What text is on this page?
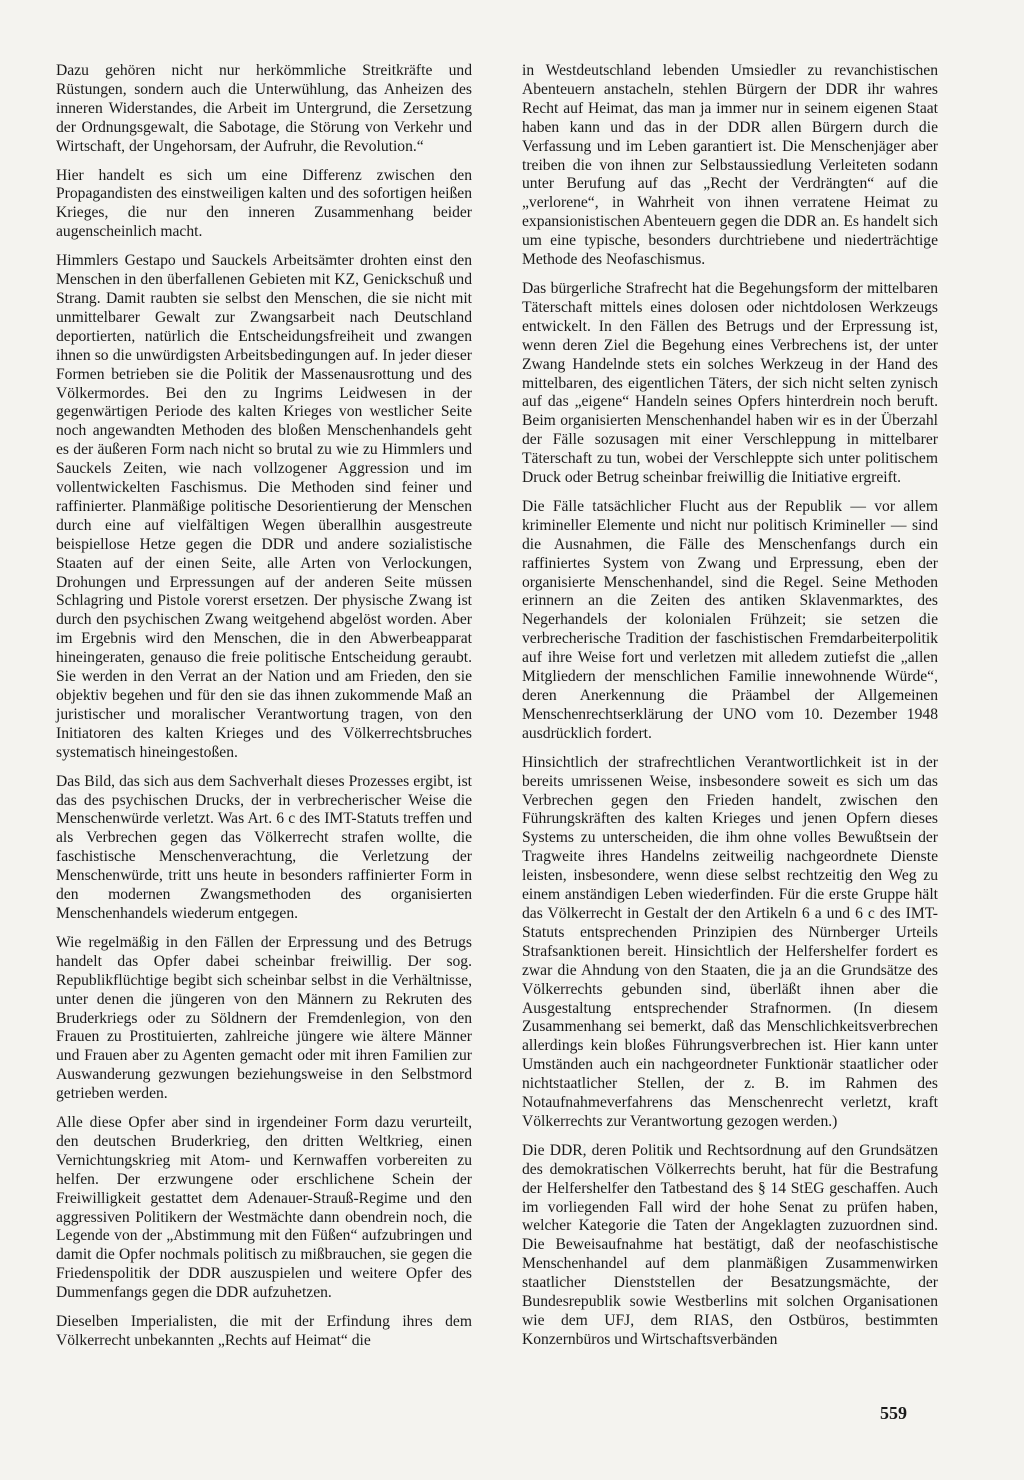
Dazu gehören nicht nur herkömmliche Streitkräfte und Rüstungen, sondern auch die Unterwühlung, das Anheizen des inneren Widerstandes, die Arbeit im Untergrund, die Zersetzung der Ordnungsgewalt, die Sabotage, die Störung von Verkehr und Wirtschaft, der Ungehorsam, der Aufruhr, die Revolution.“

Hier handelt es sich um eine Differenz zwischen den Propagandisten des einstweiligen kalten und des sofortigen heißen Krieges, die nur den inneren Zusammenhang beider augenscheinlich macht.

Himmlers Gestapo und Sauckels Arbeitsämter drohten einst den Menschen in den überfallenen Gebieten mit KZ, Genickschuß und Strang. Damit raubten sie selbst den Menschen, die sie nicht mit unmittelbarer Gewalt zur Zwangsarbeit nach Deutschland deportierten, natürlich die Entscheidungsfreiheit und zwangen ihnen so die unwürdigsten Arbeitsbedingungen auf. In jeder dieser Formen betrieben sie die Politik der Massenausrottung und des Völkermordes. Bei den zu Ingrims Leidwesen in der gegenwärtigen Periode des kalten Krieges von westlicher Seite noch angewandten Methoden des bloßen Menschenhandels geht es der äußeren Form nach nicht so brutal zu wie zu Himmlers und Sauckels Zeiten, wie nach vollzogener Aggression und im vollentwickelten Faschismus. Die Methoden sind feiner und raffinierter. Planmäßige politische Desorientierung der Menschen durch eine auf vielfältigen Wegen überallhin ausgestreute beispiellose Hetze gegen die DDR und andere sozialistische Staaten auf der einen Seite, alle Arten von Verlockungen, Drohungen und Erpressungen auf der anderen Seite müssen Schlagring und Pistole vorerst ersetzen. Der physische Zwang ist durch den psychischen Zwang weitgehend abgelöst worden. Aber im Ergebnis wird den Menschen, die in den Abwerbeapparat hineingeraten, genauso die freie politische Entscheidung geraubt. Sie werden in den Verrat an der Nation und am Frieden, den sie objektiv begehen und für den sie das ihnen zukommende Maß an juristischer und moralischer Verantwortung tragen, von den Initiatoren des kalten Krieges und des Völkerrechtsbruches systematisch hineingestoßen.

Das Bild, das sich aus dem Sachverhalt dieses Prozesses ergibt, ist das des psychischen Drucks, der in verbrecherischer Weise die Menschenwürde verletzt. Was Art. 6 c des IMT-Statuts treffen und als Verbrechen gegen das Völkerrecht strafen wollte, die faschistische Menschenverachtung, die Verletzung der Menschenwürde, tritt uns heute in besonders raffinierter Form in den modernen Zwangsmethoden des organisierten Menschenhandels wiederum entgegen.

Wie regelmäßig in den Fällen der Erpressung und des Betrugs handelt das Opfer dabei scheinbar freiwillig. Der sog. Republikflüchtige begibt sich scheinbar selbst in die Verhältnisse, unter denen die jüngeren von den Männern zu Rekruten des Bruderkriegs oder zu Söldnern der Fremdenlegion, von den Frauen zu Prostituierten, zahlreiche jüngere wie ältere Männer und Frauen aber zu Agenten gemacht oder mit ihren Familien zur Auswanderung gezwungen beziehungsweise in den Selbstmord getrieben werden.

Alle diese Opfer aber sind in irgendeiner Form dazu verurteilt, den deutschen Bruderkrieg, den dritten Weltkrieg, einen Vernichtungskrieg mit Atom- und Kernwaffen vorbereiten zu helfen. Der erzwungene oder erschlichene Schein der Freiwilligkeit gestattet dem Adenauer-Strauß-Regime und den aggressiven Politikern der Westmächte dann obendrein noch, die Legende von der „Abstimmung mit den Füßen“ aufzubringen und damit die Opfer nochmals politisch zu mißbrauchen, sie gegen die Friedenspolitik der DDR auszuspielen und weitere Opfer des Dummenfangs gegen die DDR aufzuhetzen.

Dieselben Imperialisten, die mit der Erfindung ihres dem Völkerrecht unbekannten „Rechts auf Heimat“ die

in Westdeutschland lebenden Umsiedler zu revanchistischen Abenteuern anstacheln, stehlen Bürgern der DDR ihr wahres Recht auf Heimat, das man ja immer nur in seinem eigenen Staat haben kann und das in der DDR allen Bürgern durch die Verfassung und im Leben garantiert ist. Die Menschenjäger aber treiben die von ihnen zur Selbstaussiedlung Verleiteten sodann unter Berufung auf das „Recht der Verdrängten“ auf die „verlorene“, in Wahrheit von ihnen verratene Heimat zu expansionistischen Abenteuern gegen die DDR an. Es handelt sich um eine typische, besonders durchtriebene und niederträchtige Methode des Neofaschismus.

Das bürgerliche Strafrecht hat die Begehungsform der mittelbaren Täterschaft mittels eines dolosen oder nichtdolosen Werkzeugs entwickelt. In den Fällen des Betrugs und der Erpressung ist, wenn deren Ziel die Begehung eines Verbrechens ist, der unter Zwang Handelnde stets ein solches Werkzeug in der Hand des mittelbaren, des eigentlichen Täters, der sich nicht selten zynisch auf das „eigene“ Handeln seines Opfers hinterdrein noch beruft. Beim organisierten Menschenhandel haben wir es in der Überzahl der Fälle sozusagen mit einer Verschleppung in mittelbarer Täterschaft zu tun, wobei der Verschleppte sich unter politischem Druck oder Betrug scheinbar freiwillig die Initiative ergreift.

Die Fälle tatsächlicher Flucht aus der Republik — vor allem krimineller Elemente und nicht nur politisch Krimineller — sind die Ausnahmen, die Fälle des Menschenfangs durch ein raffiniertes System von Zwang und Erpressung, eben der organisierte Menschenhandel, sind die Regel. Seine Methoden erinnern an die Zeiten des antiken Sklavenmarktes, des Negerhandels der kolonialen Frühzeit; sie setzen die verbrecherische Tradition der faschistischen Fremdarbeiterpolitik auf ihre Weise fort und verletzen mit alledem zutiefst die „allen Mitgliedern der menschlichen Familie innewohnende Würde“, deren Anerkennung die Präambel der Allgemeinen Menschenrechtserklärung der UNO vom 10. Dezember 1948 ausdrücklich fordert.

Hinsichtlich der strafrechtlichen Verantwortlichkeit ist in der bereits umrissenen Weise, insbesondere soweit es sich um das Verbrechen gegen den Frieden handelt, zwischen den Führungskräften des kalten Krieges und jenen Opfern dieses Systems zu unterscheiden, die ihm ohne volles Bewußtsein der Tragweite ihres Handelns zeitweilig nachgeordnete Dienste leisten, insbesondere, wenn diese selbst rechtzeitig den Weg zu einem anständigen Leben wiederfinden. Für die erste Gruppe hält das Völkerrecht in Gestalt der den Artikeln 6 a und 6 c des IMT-Statuts entsprechenden Prinzipien des Nürnberger Urteils Strafsanktionen bereit. Hinsichtlich der Helfershelfer fordert es zwar die Ahndung von den Staaten, die ja an die Grundsätze des Völkerrechts gebunden sind, überläßt ihnen aber die Ausgestaltung entsprechender Strafnormen. (In diesem Zusammenhang sei bemerkt, daß das Menschlichkeitsverbrechen allerdings kein bloßes Führungsverbrechen ist. Hier kann unter Umständen auch ein nachgeordneter Funktionär staatlicher oder nichtstaatlicher Stellen, der z. B. im Rahmen des Notaufnahmeverfahrens das Menschenrecht verletzt, kraft Völkerrechts zur Verantwortung gezogen werden.)

Die DDR, deren Politik und Rechtsordnung auf den Grundsätzen des demokratischen Völkerrechts beruht, hat für die Bestrafung der Helfershelfer den Tatbestand des § 14 StEG geschaffen. Auch im vorliegenden Fall wird der hohe Senat zu prüfen haben, welcher Kategorie die Taten der Angeklagten zuzuordnen sind. Die Beweisaufnahme hat bestätigt, daß der neofaschistische Menschenhandel auf dem planmäßigen Zusammenwirken staatlicher Dienststellen der Besatzungsmächte, der Bundesrepublik sowie Westberlins mit solchen Organisationen wie dem UFJ, dem RIAS, den Ostbüros, bestimmten Konzernbüros und Wirtschaftsverbänden

559
